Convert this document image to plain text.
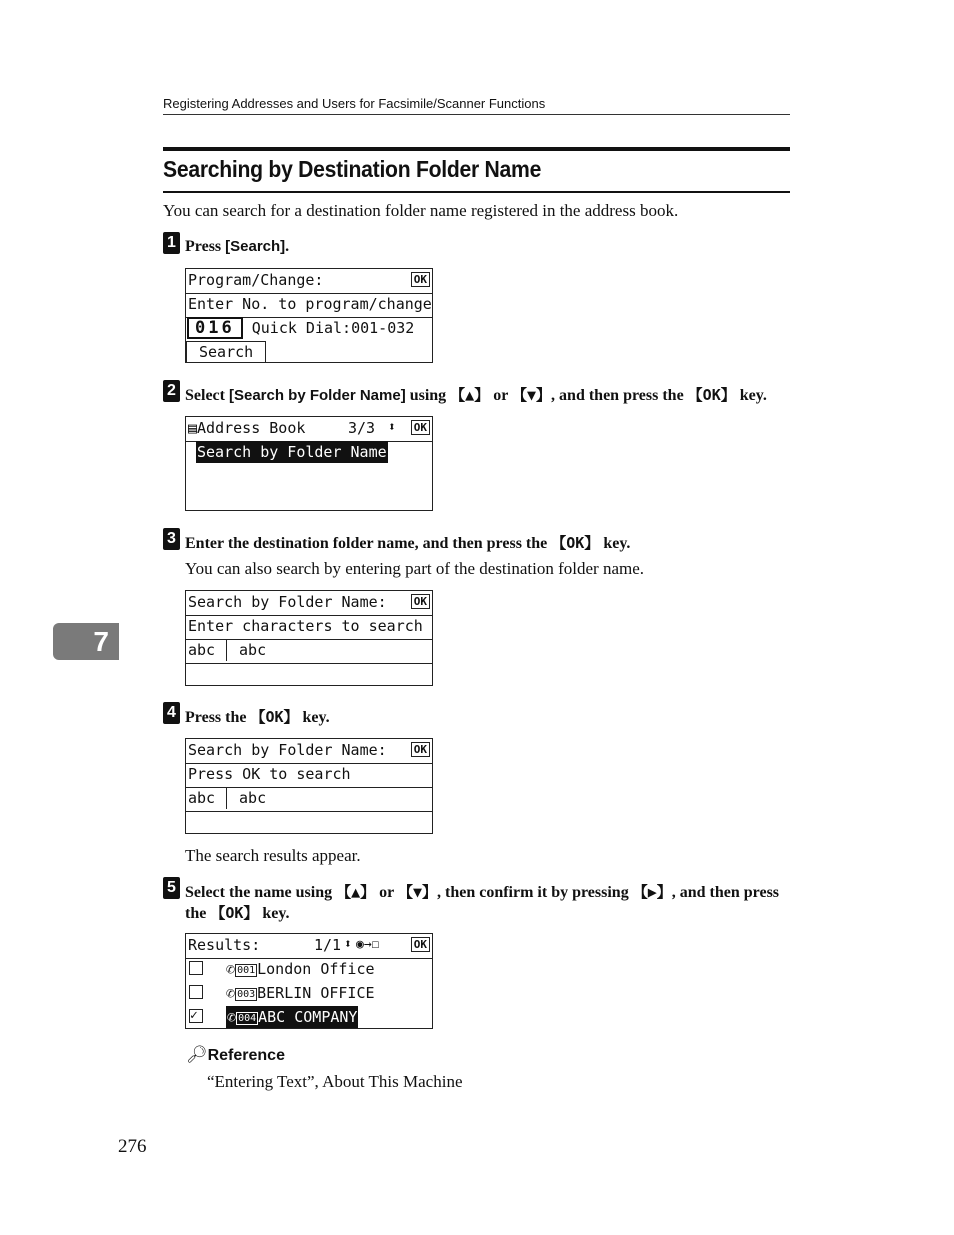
Registering Addresses and Users for Facsimile/Scanner Functions
Searching by Destination Folder Name
You can search for a destination folder name registered in the address book.
7
1 Press [Search].
Program/Change:	OK
Enter No. to program/change
016 Quick Dial:001-032
Search
2 Select [Search by Folder Name] using 【▲】 or 【▼】, and then press the 【OK】 key.
▤Address Book	3/3 ⬍ OK
Search by Folder Name
3 Enter the destination folder name, and then press the 【OK】 key.
You can also search by entering part of the destination folder name.
Search by Folder Name: OK
Enter characters to search
abc abc
4 Press the 【OK】 key.
Search by Folder Name: OK
Press OK to search
abc abc
The search results appear.
5 Select the name using 【▲】 or 【▼】, then confirm it by pressing 【▶】, and then press the 【OK】 key.
Results:	1/1 ⬍ ◉→☐	OK
✆ 001 London Office
✆ 003 BERLIN OFFICE
✓ ✆ 004 ABC COMPANY
🔎︎Reference
“Entering Text”, About This Machine
276
